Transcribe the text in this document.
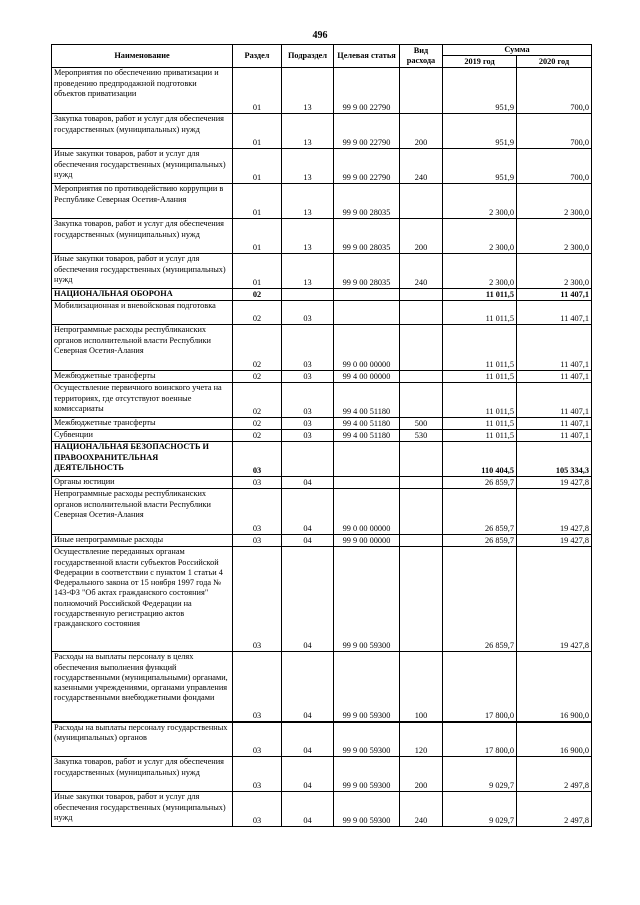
496
Наименование	Раздел	Подраздел	Целевая статья	Вид расхода	Сумма	
					2019 год	2020 год
Мероприятия по обеспечению приватизации и проведению предпродажной подготовки объектов приватизации	01	13	99 9 00 22790		951,9	700,0
Закупка товаров, работ и услуг для обеспечения государственных (муниципальных) нужд	01	13	99 9 00 22790	200	951,9	700,0
Иные закупки товаров, работ и услуг для обеспечения государственных (муниципальных) нужд	01	13	99 9 00 22790	240	951,9	700,0
Мероприятия по противодействию коррупции в Республике Северная Осетия-Алания	01	13	99 9 00 28035		2 300,0	2 300,0
Закупка товаров, работ и услуг для обеспечения государственных (муниципальных) нужд	01	13	99 9 00 28035	200	2 300,0	2 300,0
Иные закупки товаров, работ и услуг для обеспечения государственных (муниципальных) нужд	01	13	99 9 00 28035	240	2 300,0	2 300,0
НАЦИОНАЛЬНАЯ ОБОРОНА	02				11 011,5	11 407,1
Мобилизационная и вневойсковая подготовка	02	03			11 011,5	11 407,1
Непрограммные расходы республиканских органов исполнительной власти Республики Северная Осетия-Алания	02	03	99 0 00 00000		11 011,5	11 407,1
Межбюджетные трансферты	02	03	99 4 00 00000		11 011,5	11 407,1
Осуществление первичного воинского учета на территориях, где отсутствуют военные комиссариаты	02	03	99 4 00 51180		11 011,5	11 407,1
Межбюджетные трансферты	02	03	99 4 00 51180	500	11 011,5	11 407,1
Субвенции	02	03	99 4 00 51180	530	11 011,5	11 407,1
НАЦИОНАЛЬНАЯ БЕЗОПАСНОСТЬ И ПРАВООХРАНИТЕЛЬНАЯ ДЕЯТЕЛЬНОСТЬ	03				110 404,5	105 334,3
Органы юстиции	03	04			26 859,7	19 427,8
Непрограммные расходы республиканских органов исполнительной власти Республики Северная Осетия-Алания	03	04	99 0 00 00000		26 859,7	19 427,8
Иные непрограммные расходы	03	04	99 9 00 00000		26 859,7	19 427,8
Осуществление переданных органам государственной власти субъектов Российской Федерации в соответствии с пунктом 1 статьи 4 Федерального закона от 15 ноября 1997 года № 143-ФЗ "Об актах гражданского состояния" полномочий Российской Федерации на государственную регистрацию актов гражданского состояния	03	04	99 9 00 59300		26 859,7	19 427,8
Расходы на выплаты персоналу в целях обеспечения выполнения функций государственными (муниципальными) органами, казенными учреждениями, органами управления государственными внебюджетными фондами	03	04	99 9 00 59300	100	17 800,0	16 900,0
Расходы на выплаты персоналу государственных (муниципальных) органов	03	04	99 9 00 59300	120	17 800,0	16 900,0
Закупка товаров, работ и услуг для обеспечения государственных (муниципальных) нужд	03	04	99 9 00 59300	200	9 029,7	2 497,8
Иные закупки товаров, работ и услуг для обеспечения государственных (муниципальных) нужд	03	04	99 9 00 59300	240	9 029,7	2 497,8
